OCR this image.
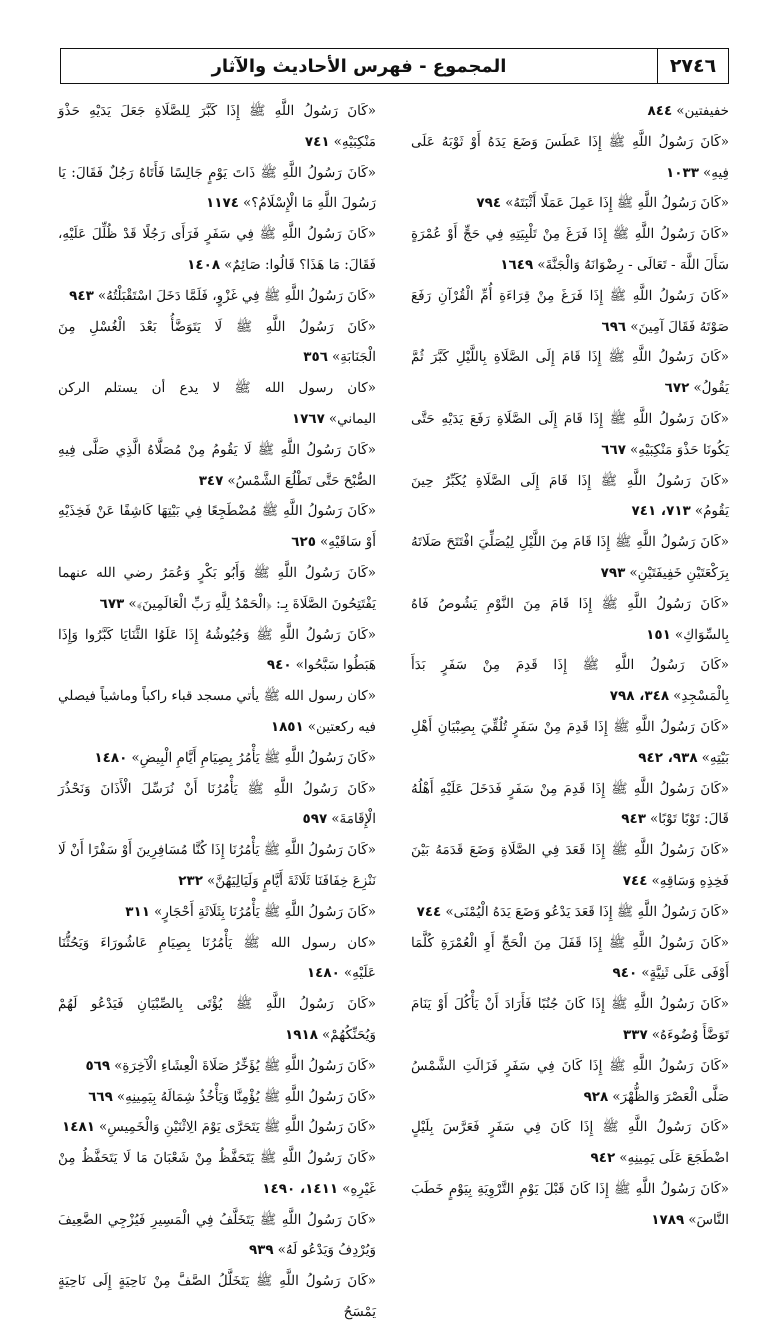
٢٧٤٦
المجموع - فهرس الأحاديث والآثار
خفيفتين»٨٤٤
«كَانَ رَسُولُ اللَّهِ ﷺ إِذَا عَطَسَ وَضَعَ يَدَهُ أَوْ ثَوْبَهُ عَلَى فِيهِ»١٠٣٣
«كَانَ رَسُولُ اللَّهِ ﷺ إِذَا عَمِلَ عَمَلًا أَثْبَتَهُ»٧٩٤
«كَانَ رَسُولُ اللَّهِ ﷺ إِذَا فَرَغَ مِنْ تَلْبِيَتِهِ فِي حَجٍّ أَوْ عُمْرَةٍ سَأَلَ اللَّهَ - تَعَالَى - رِضْوَانَهُ وَالْجَنَّةَ»١٦٤٩
«كَانَ رَسُولُ اللَّهِ ﷺ إِذَا فَرَغَ مِنْ قِرَاءَةِ أُمِّ الْقُرْآنِ رَفَعَ صَوْتَهُ فَقَالَ آمِينَ»٦٩٦
«كَانَ رَسُولُ اللَّهِ ﷺ إِذَا قَامَ إِلَى الصَّلَاةِ بِاللَّيْلِ كَبَّرَ ثُمَّ يَقُولُ»٦٧٢
«كَانَ رَسُولُ اللَّهِ ﷺ إِذَا قَامَ إِلَى الصَّلَاةِ رَفَعَ يَدَيْهِ حَتَّى يَكُونَا حَذْوَ مَنْكِبَيْهِ»٦٦٧
«كَانَ رَسُولُ اللَّهِ ﷺ إِذَا قَامَ إِلَى الصَّلَاةِ يُكَبِّرُ حِينَ يَقُومُ»٧١٣، ٧٤١
«كَانَ رَسُولُ اللَّهِ ﷺ إِذَا قَامَ مِنَ اللَّيْلِ لِيُصَلِّيَ افْتَتَحَ صَلَاتَهُ بِرَكْعَتَيْنِ خَفِيفَتَيْنِ»٧٩٣
«كَانَ رَسُولُ اللَّهِ ﷺ إِذَا قَامَ مِنَ النَّوْمِ يَشُوصُ فَاهُ بِالسِّوَاكِ»١٥١
«كَانَ رَسُولُ اللَّهِ ﷺ إِذَا قَدِمَ مِنْ سَفَرٍ بَدَأَ بِالْمَسْجِدِ»٣٤٨، ٧٩٨
«كَانَ رَسُولُ اللَّهِ ﷺ إِذَا قَدِمَ مِنْ سَفَرٍ تُلُقِّيَ بِصِبْيَانِ أَهْلِ بَيْتِهِ»٩٣٨، ٩٤٢
«كَانَ رَسُولُ اللَّهِ ﷺ إِذَا قَدِمَ مِنْ سَفَرٍ فَدَخَلَ عَلَيْهِ أَهْلُهُ قَالَ: تَوْبًا تَوْبًا»٩٤٣
«كَانَ رَسُولُ اللَّهِ ﷺ إِذَا قَعَدَ فِي الصَّلَاةِ وَضَعَ قَدَمَهُ بَيْنَ فَخِذِهِ وَسَاقِهِ»٧٤٤
«كَانَ رَسُولُ اللَّهِ ﷺ إِذَا قَعَدَ يَدْعُو وَضَعَ يَدَهُ الْيُمْنَى»٧٤٤
«كَانَ رَسُولُ اللَّهِ ﷺ إِذَا قَفَلَ مِنَ الْحَجِّ أَوِ الْعُمْرَةِ كُلَّمَا أَوْفَى عَلَى ثَنِيَّةٍ»٩٤٠
«كَانَ رَسُولُ اللَّهِ ﷺ إِذَا كَانَ جُنُبًا فَأَرَادَ أَنْ يَأْكُلَ أَوْ يَنَامَ تَوَضَّأَ وُضُوءَهُ»٣٣٧
«كَانَ رَسُولُ اللَّهِ ﷺ إِذَا كَانَ فِي سَفَرٍ فَزَالَتِ الشَّمْسُ صَلَّى الْعَصْرَ وَالظُّهْرَ»٩٢٨
«كَانَ رَسُولُ اللَّهِ ﷺ إِذَا كَانَ فِي سَفَرٍ فَعَرَّسَ بِلَيْلٍ اضْطَجَعَ عَلَى يَمِينِهِ»٩٤٢
«كَانَ رَسُولُ اللَّهِ ﷺ إِذَا كَانَ قَبْلَ يَوْمِ التَّرْوِيَةِ بِيَوْمٍ خَطَبَ النَّاسَ»١٧٨٩
«كَانَ رَسُولُ اللَّهِ ﷺ إِذَا كَبَّرَ لِلصَّلَاةِ جَعَلَ يَدَيْهِ حَذْوَ مَنْكِبَيْهِ»٧٤١
«كَانَ رَسُولُ اللَّهِ ﷺ ذَاتَ يَوْمٍ جَالِسًا فَأَتَاهُ رَجُلٌ فَقَالَ: يَا رَسُولَ اللَّهِ مَا الْإِسْلَامُ؟»١١٧٤
«كَانَ رَسُولُ اللَّهِ ﷺ فِي سَفَرٍ فَرَأَى رَجُلًا قَدْ ظُلِّلَ عَلَيْهِ، فَقَالَ: مَا هَذَا؟ قَالُوا: صَائِمٌ»١٤٠٨
«كَانَ رَسُولُ اللَّهِ ﷺ فِي غَزْوٍ، فَلَمَّا دَخَلَ اسْتَقْبَلْتُهُ»٩٤٣
«كَانَ رَسُولُ اللَّهِ ﷺ لَا يَتَوَضَّأُ بَعْدَ الْغُسْلِ مِنَ الْجَنَابَةِ»٣٥٦
«كان رسول الله ﷺ لا يدع أن يستلم الركن اليماني»١٧٦٧
«كَانَ رَسُولُ اللَّهِ ﷺ لَا يَقُومُ مِنْ مُصَلَّاهُ الَّذِي صَلَّى فِيهِ الصُّبْحَ حَتَّى تَطْلُعَ الشَّمْسُ»٣٤٧
«كَانَ رَسُولُ اللَّهِ ﷺ مُضْطَجِعًا فِي بَيْتِهَا كَاشِفًا عَنْ فَخِذَيْهِ أَوْ سَاقَيْهِ»٦٢٥
«كَانَ رَسُولُ اللَّهِ ﷺ وَأَبُو بَكْرٍ وَعُمَرُ رضي الله عنهما يَفْتَتِحُونَ الصَّلَاةَ بِـ: ﴿الْحَمْدُ لِلَّهِ رَبِّ الْعَالَمِينَ﴾»٦٧٣
«كَانَ رَسُولُ اللَّهِ ﷺ وَجُيُوشُهُ إِذَا عَلَوُا الثَّنَايَا كَبَّرُوا وَإِذَا هَبَطُوا سَبَّحُوا»٩٤٠
«كان رسول الله ﷺ يأتي مسجد قباء راكباً وماشياً فيصلي فيه ركعتين»١٨٥١
«كَانَ رَسُولُ اللَّهِ ﷺ يَأْمُرُ بِصِيَامِ أَيَّامِ الْبِيضِ»١٤٨٠
«كَانَ رَسُولُ اللَّهِ ﷺ يَأْمُرُنَا أَنْ نُرَسِّلَ الْأَذَانَ وَنَحْذُرَ الْإِقَامَةَ»٥٩٧
«كَانَ رَسُولُ اللَّهِ ﷺ يَأْمُرُنَا إِذَا كُنَّا مُسَافِرِينَ أَوْ سَفْرًا أَنْ لَا نَنْزِعَ خِفَافَنَا ثَلَاثَةَ أَيَّامٍ وَلَيَالِيَهُنَّ»٢٣٢
«كَانَ رَسُولُ اللَّهِ ﷺ يَأْمُرُنَا بِثَلَاثَةِ أَحْجَارٍ»٣١١
«كان رسول الله ﷺ يَأْمُرُنَا بِصِيَامِ عَاشُورَاءَ وَيَحُثُّنَا عَلَيْهِ»١٤٨٠
«كَانَ رَسُولُ اللَّهِ ﷺ يُؤْتَى بِالصِّبْيَانِ فَيَدْعُو لَهُمْ وَيُحَنِّكُهُمْ»١٩١٨
«كَانَ رَسُولُ اللَّهِ ﷺ يُؤَخِّرُ صَلَاةَ الْعِشَاءِ الْآخِرَةِ»٥٦٩
«كَانَ رَسُولُ اللَّهِ ﷺ يُؤْمِنَّا وَيَأْخُذُ شِمَالَهُ بِيَمِينِهِ»٦٦٩
«كَانَ رَسُولُ اللَّهِ ﷺ يَتَحَرَّى يَوْمَ الِاثْنَيْنِ وَالْخَمِيسِ»١٤٨١
«كَانَ رَسُولُ اللَّهِ ﷺ يَتَحَفَّظُ مِنْ شَعْبَانَ مَا لَا يَتَحَفَّظُ مِنْ غَيْرِهِ»١٤١١، ١٤٩٠
«كَانَ رَسُولُ اللَّهِ ﷺ يَتَخَلَّفُ فِي الْمَسِيرِ فَيُزْجِي الضَّعِيفَ وَيُرْدِفُ وَيَدْعُو لَهُ»٩٣٩
«كَانَ رَسُولُ اللَّهِ ﷺ يَتَخَلَّلُ الصَّفَّ مِنْ نَاحِيَةٍ إِلَى نَاحِيَةٍ يَمْسَحُ
